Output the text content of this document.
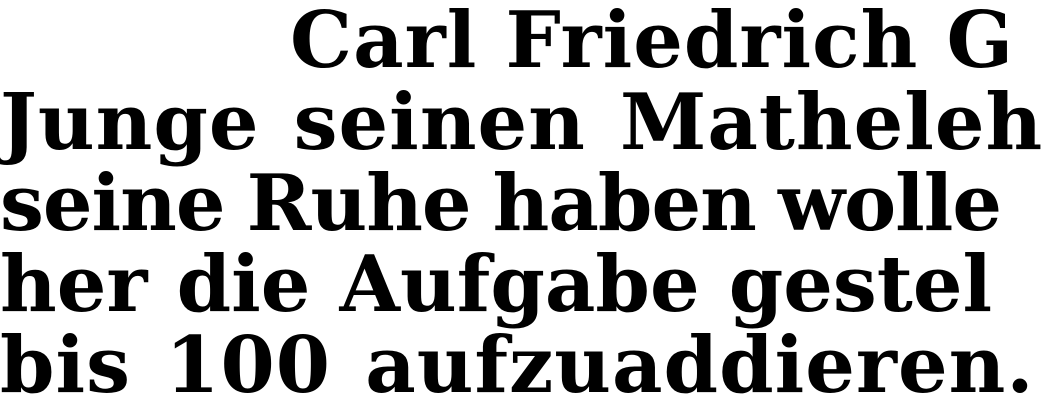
Carl Friedrich G
Junge seinen Matheleh
seine Ruhe haben wolle
her die Aufgabe gestel
bis 100 aufzuaddieren.
